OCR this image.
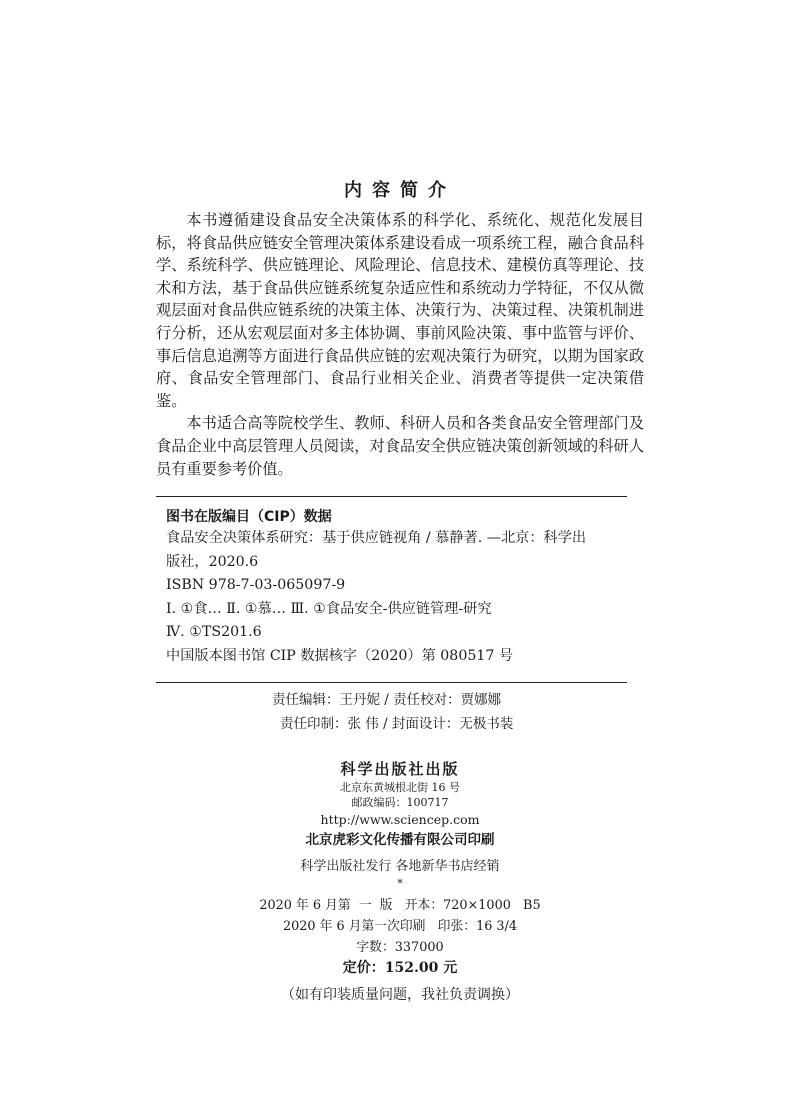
内容简介

本书遵循建设食品安全决策体系的科学化、系统化、规范化发展目标，将食品供应链安全管理决策体系建设看成一项系统工程，融合食品科学、系统科学、供应链理论、风险理论、信息技术、建模仿真等理论、技术和方法，基于食品供应链系统复杂适应性和系统动力学特征，不仅从微观层面对食品供应链系统的决策主体、决策行为、决策过程、决策机制进行分析，还从宏观层面对多主体协调、事前风险决策、事中监管与评价、事后信息追溯等方面进行食品供应链的宏观决策行为研究，以期为国家政府、食品安全管理部门、食品行业相关企业、消费者等提供一定决策借鉴。

本书适合高等院校学生、教师、科研人员和各类食品安全管理部门及食品企业中高层管理人员阅读，对食品安全供应链决策创新领域的科研人员有重要参考价值。

图书在版编目（CIP）数据
食品安全决策体系研究：基于供应链视角 / 慕静著. —北京：科学出
版社，2020.6
ISBN 978-7-03-065097-9
Ⅰ. ①食… Ⅱ. ①慕… Ⅲ. ①食品安全-供应链管理-研究
Ⅳ. ①TS201.6
中国版本图书馆 CIP 数据核字（2020）第 080517 号
责任编辑：王丹妮 / 责任校对：贾娜娜
责任印制：张 伟 / 封面设计：无极书装
科学出版社出版
北京东黄城根北街 16 号
邮政编码：100717
http://www.sciencep.com
北京虎彩文化传播有限公司印刷
科学出版社发行 各地新华书店经销
*
2020 年 6 月第  一  版   开本：720×1000   B5
2020 年 6 月第一次印刷   印张：16 3/4
字数：337000
定价：152.00 元
（如有印装质量问题，我社负责调换）
